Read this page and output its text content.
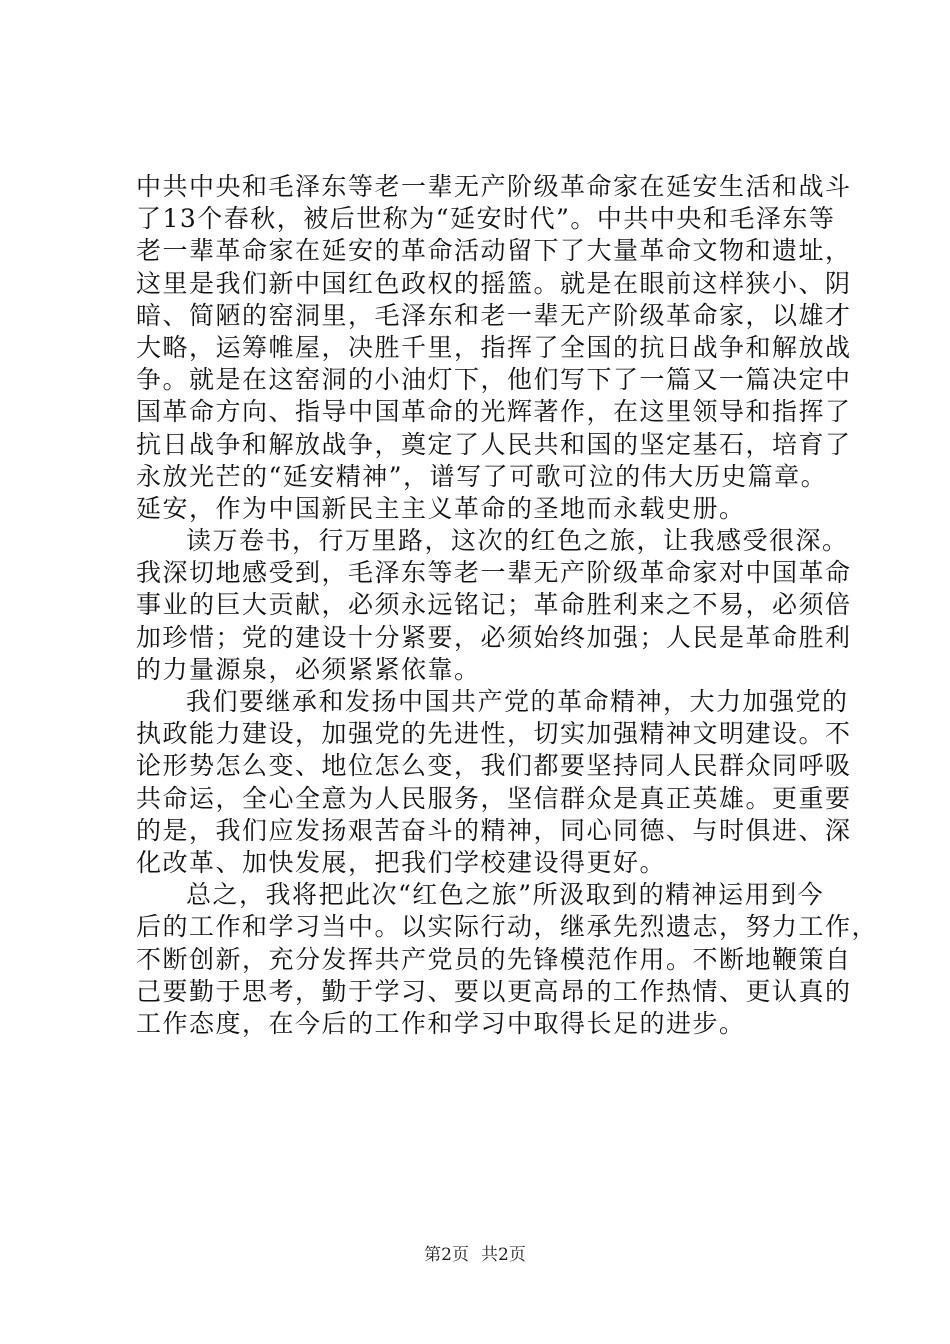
中共中央和毛泽东等老一辈无产阶级革命家在延安生活和战斗
了13个春秋，被后世称为“延安时代”。中共中央和毛泽东等
老一辈革命家在延安的革命活动留下了大量革命文物和遗址，
这里是我们新中国红色政权的摇篮。就是在眼前这样狭小、阴
暗、简陋的窑洞里，毛泽东和老一辈无产阶级革命家，以雄才
大略，运筹帷屋，决胜千里，指挥了全国的抗日战争和解放战
争。就是在这窑洞的小油灯下，他们写下了一篇又一篇决定中
国革命方向、指导中国革命的光辉著作，在这里领导和指挥了
抗日战争和解放战争，奠定了人民共和国的坚定基石，培育了
永放光芒的“延安精神”，谱写了可歌可泣的伟大历史篇章。
延安，作为中国新民主主义革命的圣地而永载史册。
读万卷书，行万里路，这次的红色之旅，让我感受很深。
我深切地感受到，毛泽东等老一辈无产阶级革命家对中国革命
事业的巨大贡献，必须永远铭记；革命胜利来之不易，必须倍
加珍惜；党的建设十分紧要，必须始终加强；人民是革命胜利
的力量源泉，必须紧紧依靠。
我们要继承和发扬中国共产党的革命精神，大力加强党的
执政能力建设，加强党的先进性，切实加强精神文明建设。不
论形势怎么变、地位怎么变，我们都要坚持同人民群众同呼吸
共命运，全心全意为人民服务，坚信群众是真正英雄。更重要
的是，我们应发扬艰苦奋斗的精神，同心同德、与时俱进、深
化改革、加快发展，把我们学校建设得更好。
总之，我将把此次“红色之旅”所汲取到的精神运用到今
后的工作和学习当中。以实际行动，继承先烈遗志，努力工作，
不断创新，充分发挥共产党员的先锋模范作用。不断地鞭策自
己要勤于思考，勤于学习、要以更高昂的工作热情、更认真的
工作态度，在今后的工作和学习中取得长足的进步。
第2页 共2页
